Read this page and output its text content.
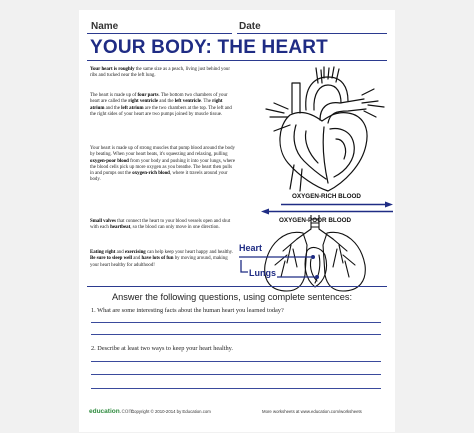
Name	Date
YOUR BODY: THE HEART
Your heart is roughly the same size as a peach, living just behind your ribs and tucked near the left lung.
The heart is made up of four parts. The bottom two chambers of your heart are called the right ventricle and the left ventricle. The right atrium and the left atrium are the two chambers at the top. The left and the right sides of your heart are two pumps joined by muscle tissue.
Your heart is made up of strong muscles that pump blood around the body by beating. When your heart beats, it's squeezing and relaxing, pulling oxygen-poor blood from your body and pushing it into your lungs, where the blood cells pick up more oxygen as you breathe. The heart then pulls in and pumps out the oxygen-rich blood, where it travels around your body.
Small valves that connect the heart to your blood vessels open and shut with each heartbeat, so the blood can only move in one direction.
Eating right and exercising can help keep your heart happy and healthy. Be sure to sleep well and have lots of fun by moving around, making your heart healthy for adulthood!
OXYGEN-RICH BLOOD
OXYGEN-POOR BLOOD
Heart
Lungs
Answer the following questions, using complete sentences:
1. What are some interesting facts about the human heart you learned today?
2. Describe at least two ways to keep your heart healthy.
education.com
Copyright © 2010-2014 by Education.com	More worksheets at www.education.com/worksheets
